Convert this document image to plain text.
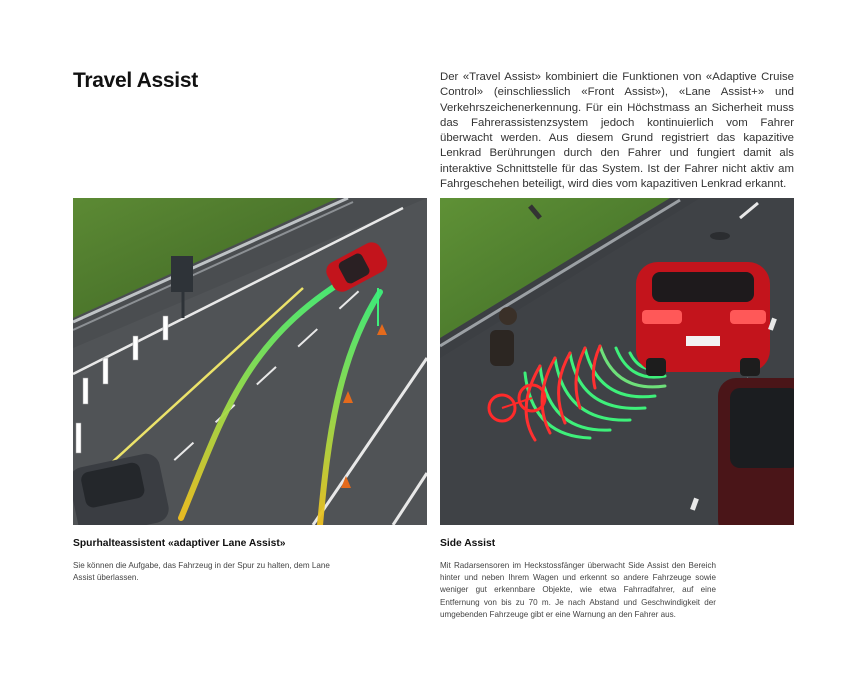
Travel Assist	Der «Travel Assist» kombiniert die Funktionen von «Adaptive Cruise Control» (einschliesslich «Front Assist»), «Lane Assist+» und Verkehrszeichenerkennung. Für ein Höchstmass an Sicherheit muss das Fahrerassistenzsystem jedoch kontinuierlich vom Fahrer überwacht werden. Aus diesem Grund registriert das kapazitive Lenkrad Berührungen durch den Fahrer und fungiert damit als interaktive Schnittstelle für das System. Ist der Fahrer nicht aktiv am Fahrgeschehen beteiligt, wird dies vom kapazitiven Lenkrad erkannt.

Spurhalteassistent «adaptiver Lane Assist»

Sie können die Aufgabe, das Fahrzeug in der Spur zu halten, dem Lane Assist überlassen.

Side Assist

Mit Radarsensoren im Heckstossfänger überwacht Side Assist den Bereich hinter und neben Ihrem Wagen und erkennt so andere Fahrzeuge sowie weniger gut erkennbare Objekte, wie etwa Fahrradfahrer, auf eine Entfernung von bis zu 70 m. Je nach Abstand und Geschwindigkeit der umgebenden Fahrzeuge gibt er eine Warnung an den Fahrer aus.
